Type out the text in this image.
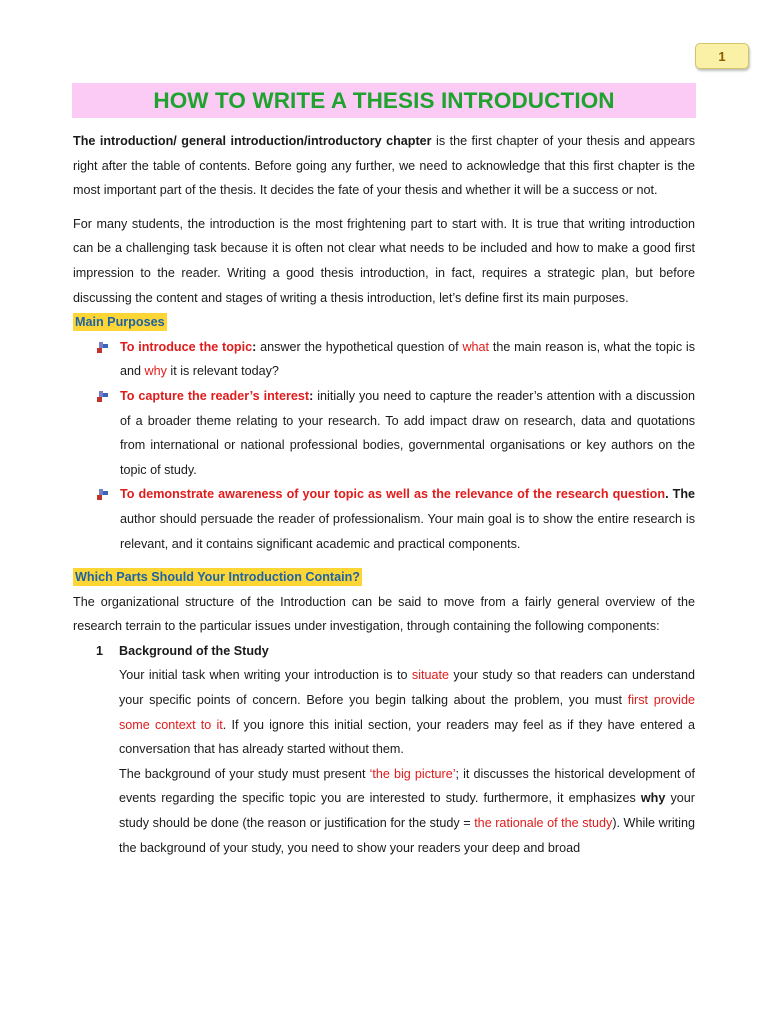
1
HOW TO WRITE A THESIS INTRODUCTION

The introduction/ general introduction/introductory chapter is the first chapter of your thesis and appears right after the table of contents. Before going any further, we need to acknowledge that this first chapter is the most important part of the thesis. It decides the fate of your thesis and whether it will be a success or not.

For many students, the introduction is the most frightening part to start with. It is true that writing introduction can be a challenging task because it is often not clear what needs to be included and how to make a good first impression to the reader. Writing a good thesis introduction, in fact, requires a strategic plan, but before discussing the content and stages of writing a thesis introduction, let’s define first its main purposes.

Main Purposes
To introduce the topic: answer the hypothetical question of what the main reason is, what the topic is and why it is relevant today?
To capture the reader’s interest: initially you need to capture the reader’s attention with a discussion of a broader theme relating to your research. To add impact draw on research, data and quotations from international or national professional bodies, governmental organisations or key authors on the topic of study.
To demonstrate awareness of your topic as well as the relevance of the research question. The author should persuade the reader of professionalism. Your main goal is to show the entire research is relevant, and it contains significant academic and practical components.
Which Parts Should Your Introduction Contain?

The organizational structure of the Introduction can be said to move from a fairly general overview of the research terrain to the particular issues under investigation, through containing the following components:

1 Background of the Study

Your initial task when writing your introduction is to situate your study so that readers can understand your specific points of concern. Before you begin talking about the problem, you must first provide some context to it. If you ignore this initial section, your readers may feel as if they have entered a conversation that has already started without them.

The background of your study must present ‘the big picture’; it discusses the historical development of events regarding the specific topic you are interested to study. furthermore, it emphasizes why your study should be done (the reason or justification for the study = the rationale of the study). While writing the background of your study, you need to show your readers your deep and broad
